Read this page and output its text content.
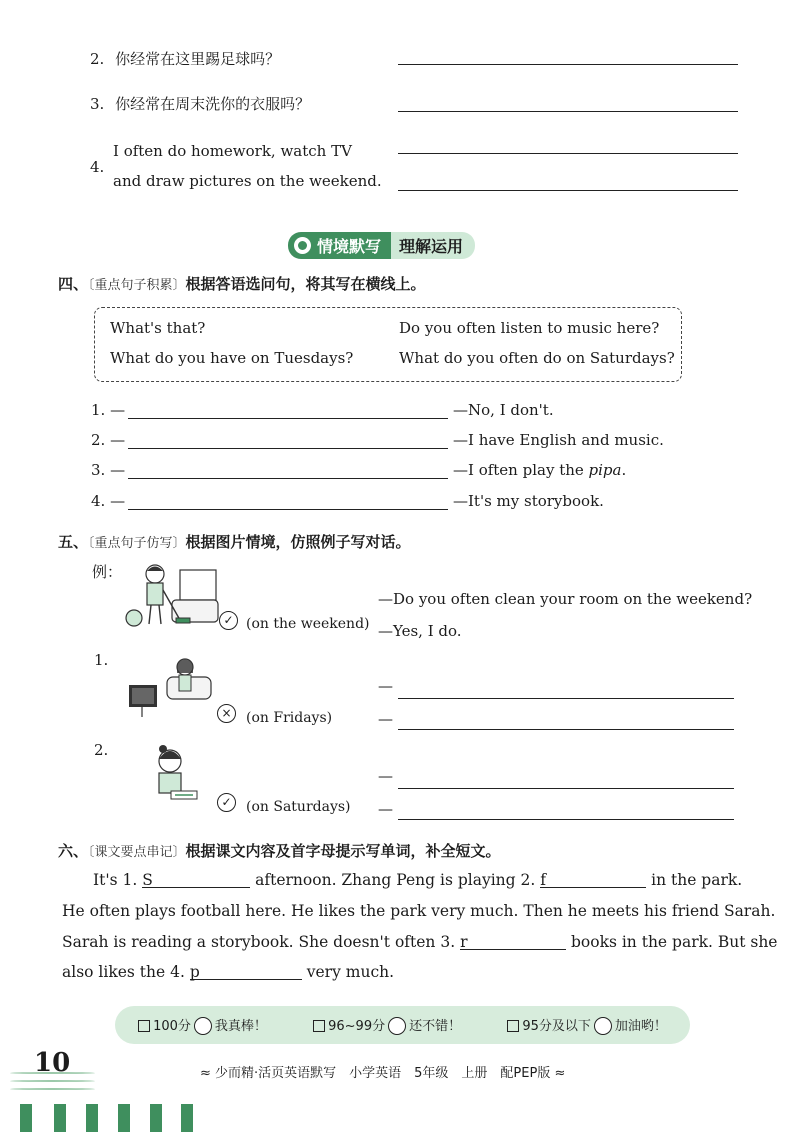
2. 你经常在这里踢足球吗？
3. 你经常在周末洗你的衣服吗？
4.
I often do homework, watch TV
and draw pictures on the weekend.
情境默写	理解运用
四、〔重点句子积累〕根据答语选问句，将其写在横线上。
What's that?	Do you often listen to music here?
What do you have on Tuesdays?	What do you often do on Saturdays?
1. —	—No, I don't.
2. —	—I have English and music.
3. —	—I often play the pipa.
4. —	—It's my storybook.
五、〔重点句子仿写〕根据图片情境，仿照例子写对话。
例：
✓ (on the weekend)
—Do you often clean your room on the weekend?
—Yes, I do.
1.
×	(on Fridays)
—
—
2.
✓	(on Saturdays)
—
—
六、〔课文要点串记〕根据课文内容及首字母提示写单词，补全短文。
It's 1. S	afternoon. Zhang Peng is playing 2. f	in the park.
He often plays football here. He likes the park very much. Then he meets his friend Sarah.
Sarah is reading a storybook. She doesn't often 3. r	books in the park. But she
also likes the 4. p	very much.
100分 我真棒！	96~99分 还不错！	95分及以下 加油哟！
10	≈ 少而精·活页英语默写　小学英语　5年级　上册　配PEP版 ≈
